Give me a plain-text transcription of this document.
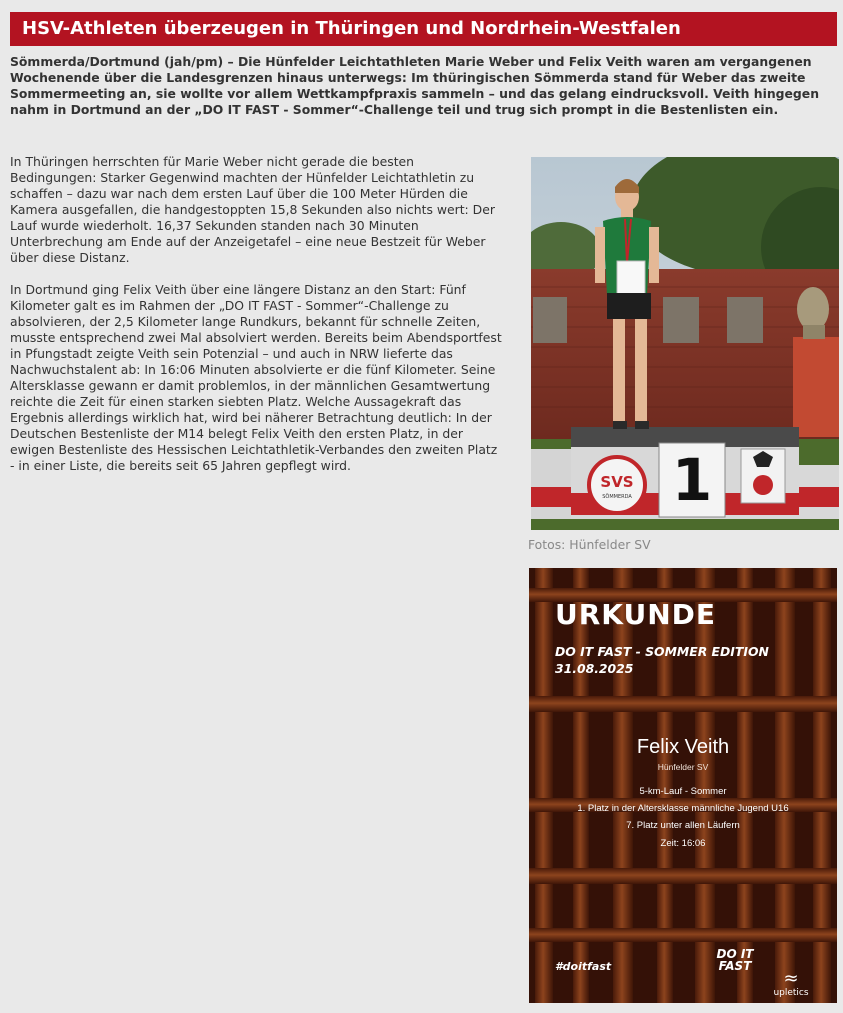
HSV-Athleten überzeugen in Thüringen und Nordrhein-Westfalen
Sömmerda/Dortmund (jah/pm) – Die Hünfelder Leichtathleten Marie Weber und Felix Veith waren am vergangenen Wochenende über die Landesgrenzen hinaus unterwegs: Im thüringischen Sömmerda stand für Weber das zweite Sommermeeting an, sie wollte vor allem Wettkampfpraxis sammeln – und das gelang eindrucksvoll. Veith hingegen nahm in Dortmund an der „DO IT FAST - Sommer“-Challenge teil und trug sich prompt in die Bestenlisten ein.

In Thüringen herrschten für Marie Weber nicht gerade die besten Bedingungen: Starker Gegenwind machten der Hünfelder Leichtathletin zu schaffen – dazu war nach dem ersten Lauf über die 100 Meter Hürden die Kamera ausgefallen, die handgestoppten 15,8 Sekunden also nichts wert: Der Lauf wurde wiederholt. 16,37 Sekunden standen nach 30 Minuten Unterbrechung am Ende auf der Anzeigetafel – eine neue Bestzeit für Weber über diese Distanz.

In Dortmund ging Felix Veith über eine längere Distanz an den Start: Fünf Kilometer galt es im Rahmen der „DO IT FAST - Sommer“-Challenge zu absolvieren, der 2,5 Kilometer lange Rundkurs, bekannt für schnelle Zeiten, musste entsprechend zwei Mal absolviert werden. Bereits beim Abendsportfest in Pfungstadt zeigte Veith sein Potenzial – und auch in NRW lieferte das Nachwuchstalent ab: In 16:06 Minuten absolvierte er die fünf Kilometer. Seine Altersklasse gewann er damit problemlos, in der männlichen Gesamtwertung reichte die Zeit für einen starken siebten Platz. Welche Aussagekraft das Ergebnis allerdings wirklich hat, wird bei näherer Betrachtung deutlich: In der Deutschen Bestenliste der M14 belegt Felix Veith den ersten Platz, in der ewigen Bestenliste des Hessischen Leichtathletik-Verbandes den zweiten Platz - in einer Liste, die bereits seit 65 Jahren gepflegt wird.	1
SVS
SÖMMERDA
Fotos: Hünfelder SV
URKUNDE
DO IT FAST - SOMMER EDITION
31.08.2025
Felix Veith
Hünfelder SV
5-km-Lauf - Sommer
1. Platz in der Altersklasse männliche Jugend U16
7. Platz unter allen Läufern
Zeit: 16:06
#doitfast
DO IT
FAST
≈
upletics
